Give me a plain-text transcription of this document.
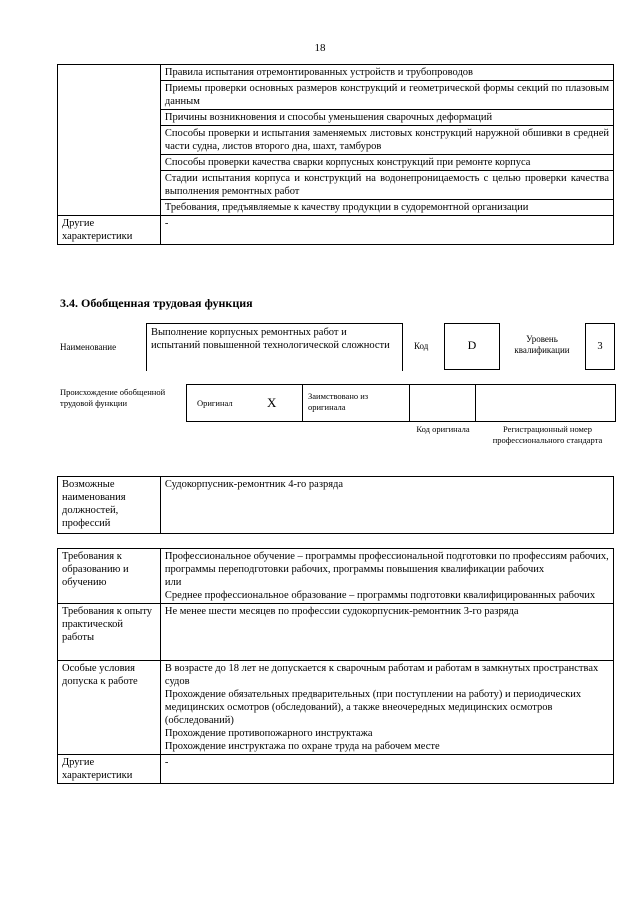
18
	Правила испытания отремонтированных устройств и трубопроводов
	Приемы проверки основных размеров конструкций и геометрической формы секций по плазовым данным
	Причины возникновения и способы уменьшения сварочных деформаций
	Способы проверки и испытания заменяемых листовых конструкций наружной обшивки в средней части судна, листов второго дна, шахт, тамбуров
	Способы проверки качества сварки корпусных конструкций при ремонте корпуса
	Стадии испытания корпуса и конструкций на водонепроницаемость с целью проверки качества выполнения ремонтных работ
	Требования, предъявляемые к качеству продукции в судоремонтной организации
Другие характеристики	-
3.4. Обобщенная трудовая функция
Наименование
Выполнение корпусных ремонтных работ и испытаний повышенной технологической сложности	Код	D	Уровень квалификации	3
Происхождение обобщенной трудовой функции	Оригинал	X	Заимствовано из оригинала
Код оригинала	Регистрационный номер профессионального стандарта
Возможные наименования должностей, профессий	Судокорпусник-ремонтник 4-го разряда
Требования к образованию и обучению	Профессиональное обучение – программы профессиональной подготовки по профессиям рабочих, программы переподготовки рабочих, программы повышения квалификации рабочих
или
Среднее профессиональное образование – программы подготовки квалифицированных рабочих

Требования к опыту практической работы	Не менее шести месяцев по профессии судокорпусник-ремонтник 3-го разряда
Особые условия допуска к работе	В возрасте до 18 лет не допускается к сварочным работам и работам в замкнутых пространствах судов
Прохождение обязательных предварительных (при поступлении на работу) и периодических медицинских осмотров (обследований), а также внеочередных медицинских осмотров (обследований)
Прохождение противопожарного инструктажа
Прохождение инструктажа по охране труда на рабочем месте

Другие характеристики	-
